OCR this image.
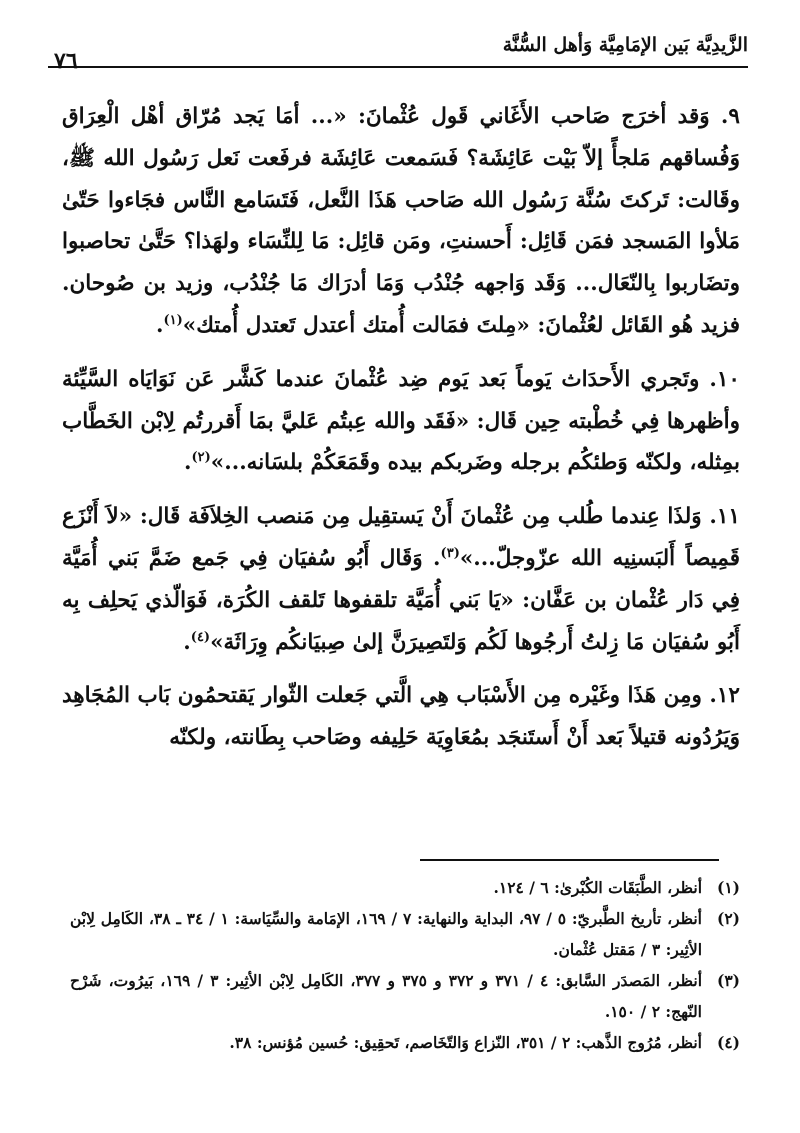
الزَّيدِيَّة بَين الإمَامِيَّة وَأهل السُّنَّة
٧٦

٩. وَقد أخرَج صَاحب الأَغَاني قَول عُثْمانَ: «... أمَا يَجد مُرّاق أهْل الْعِرَاق وَفُساقهم مَلجأً إلاّ بَيْت عَائِشَة؟ فَسَمعت عَائِشَة فرفَعت نَعل رَسُول الله ﷺ، وقَالت: تَركتَ سُنَّة رَسُول الله صَاحب هَذَا النَّعل، فَتَسَامع النَّاس فجَاءوا حَتّىٰ مَلأوا المَسجد فمَن قَائِل: أَحسنتِ، ومَن قائِل: مَا لِلنِّسَاء ولهَذا؟ حَتَّىٰ تحاصبوا وتضَاربوا بِالنّعَال... وَقَد وَاجهه جُنْدُب وَمَا أدرَاك مَا جُنْدُب، وزيد بن صُوحان. فزيد هُو القَائل لعُثْمانَ: «مِلتَ فمَالت أُمتك أعتدل تَعتدل أُمتك»$^{(١)}$.

١٠. وتَجري الأَحدَاث يَوماً بَعد يَوم ضِد عُثْمانَ عندما كَشَّر عَن نَوَايَاه السَّيِّئة وأظهرها فِي خُطْبته حِين قَال: «فَقَد والله عِبتُم عَليَّ بمَا أَقررتُم لِابْن الخَطَّاب بمِثله، ولكنّه وَطئكُم برجله وضَربكم بيده وقَمَعَكُمْ بلسَانه...»$^{(٢)}$.

١١. وَلذَا عِندما طُلب مِن عُثْمانَ أَنْ يَستقِيل مِن مَنصب الخِلاَفَة قَال: «لاَ أَنْزَع قَمِيصاً أَلبَسنِيه الله عزّوجلّ...»$^{(٣)}$. وَقَال أَبُو سُفيَان فِي جَمع ضَمَّ بَني أُمَيَّة فِي دَار عُثْمان بن عَفَّان: «يَا بَني أُمَيَّة تلقفوها تَلقف الكُرَة، فَوَالّذي يَحلِف بِه أَبُو سُفيَان مَا زِلتُ أَرجُوها لَكُم وَلتَصِيرَنَّ إلىٰ صِبيَانكُم وِرَاثَة»$^{(٤)}$.

١٢. ومِن هَذَا وغَيْره مِن الأَسْبَاب هِي الَّتي جَعلت الثّوار يَقتحمُون بَاب المُجَاهِد وَيَرُدُونه قتيلاً بَعد أَنْ أَستَنجَد بمُعَاوِيَة حَلِيفه وصَاحب بِطَانته، ولكنّه

(١)
أنظر، الطَّبَقَات الكُبْرىٰ: ٦ / ١٢٤.
(٢)
أنظر، تأريخ الطَّبريّ: ٥ / ٩٧، البداية والنهاية: ٧ / ١٦٩، الإمَامة والسِّيَاسة: ١ / ٣٤ ـ ٣٨، الكَامِل لِابْن الأثِير: ٣ / مَقتل عُثْمان.
(٣)
أنظر، المَصدَر السَّابق: ٤ / ٣٧١ و ٣٧٢ و ٣٧٥ و ٣٧٧، الكَامِل لِابْن الأثِير: ٣ / ١٦٩، بَيرُوت، شَرْح النّهج: ٢ / ١٥٠.
(٤)
أنظر، مُرُوج الذَّهب: ٢ / ٣٥١، النّزاع وَالتّخَاصم، تَحقِيق: حُسين مُؤنس: ٣٨.
